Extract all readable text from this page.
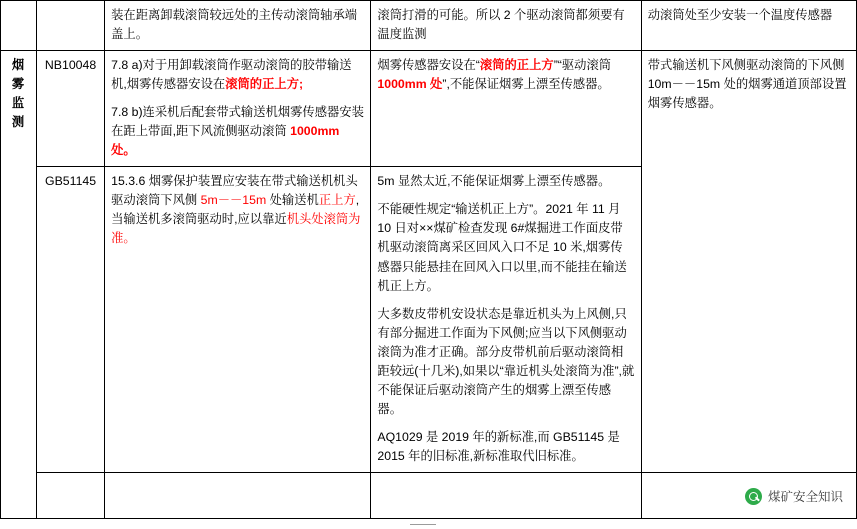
		装在距离卸载滚筒较远处的主传动滚筒轴承端盖上。	滚筒打滑的可能。所以 2 个驱动滚筒都须要有温度监测	动滚筒处至少安装一个温度传感器

烟雾监测	NB10048	7.8 a)对于用卸载滚筒作驱动滚筒的胶带输送机,烟雾传感器安设在滚筒的正上方;

7.8 b)连采机后配套带式输送机烟雾传感器安装在距上带面,距下风流侧驱动滚筒 1000mm 处。	烟雾传感器安设在“滚筒的正上方”“驱动滚筒 1000mm 处”,不能保证烟雾上漂至传感器。	带式输送机下风侧驱动滚筒的下风侧 10m－－15m 处的烟雾通道顶部设置烟雾传感器。

	GB51145	15.3.6 烟雾保护装置应安装在带式输送机机头驱动滚筒下风侧 5m－－15m 处输送机正上方,当输送机多滚筒驱动时,应以靠近机头处滚筒为准。	5m 显然太近,不能保证烟雾上漂至传感器。

不能硬性规定“输送机正上方”。2021 年 11 月 10 日对××煤矿检查发现 6#煤掘进工作面皮带机驱动滚筒离采区回风入口不足 10 米,烟雾传感器只能悬挂在回风入口以里,而不能挂在输送机正上方。

大多数皮带机安设状态是靠近机头为上风侧,只有部分掘进工作面为下风侧;应当以下风侧驱动滚筒为准才正确。部分皮带机前后驱动滚筒相距较远(十几米),如果以“靠近机头处滚筒为准”,就不能保证后驱动滚筒产生的烟雾上漂至传感器。

AQ1029 是 2019 年的新标准,而 GB51145 是 2015 年的旧标准,新标准取代旧标准。	

煤矿安全知识
